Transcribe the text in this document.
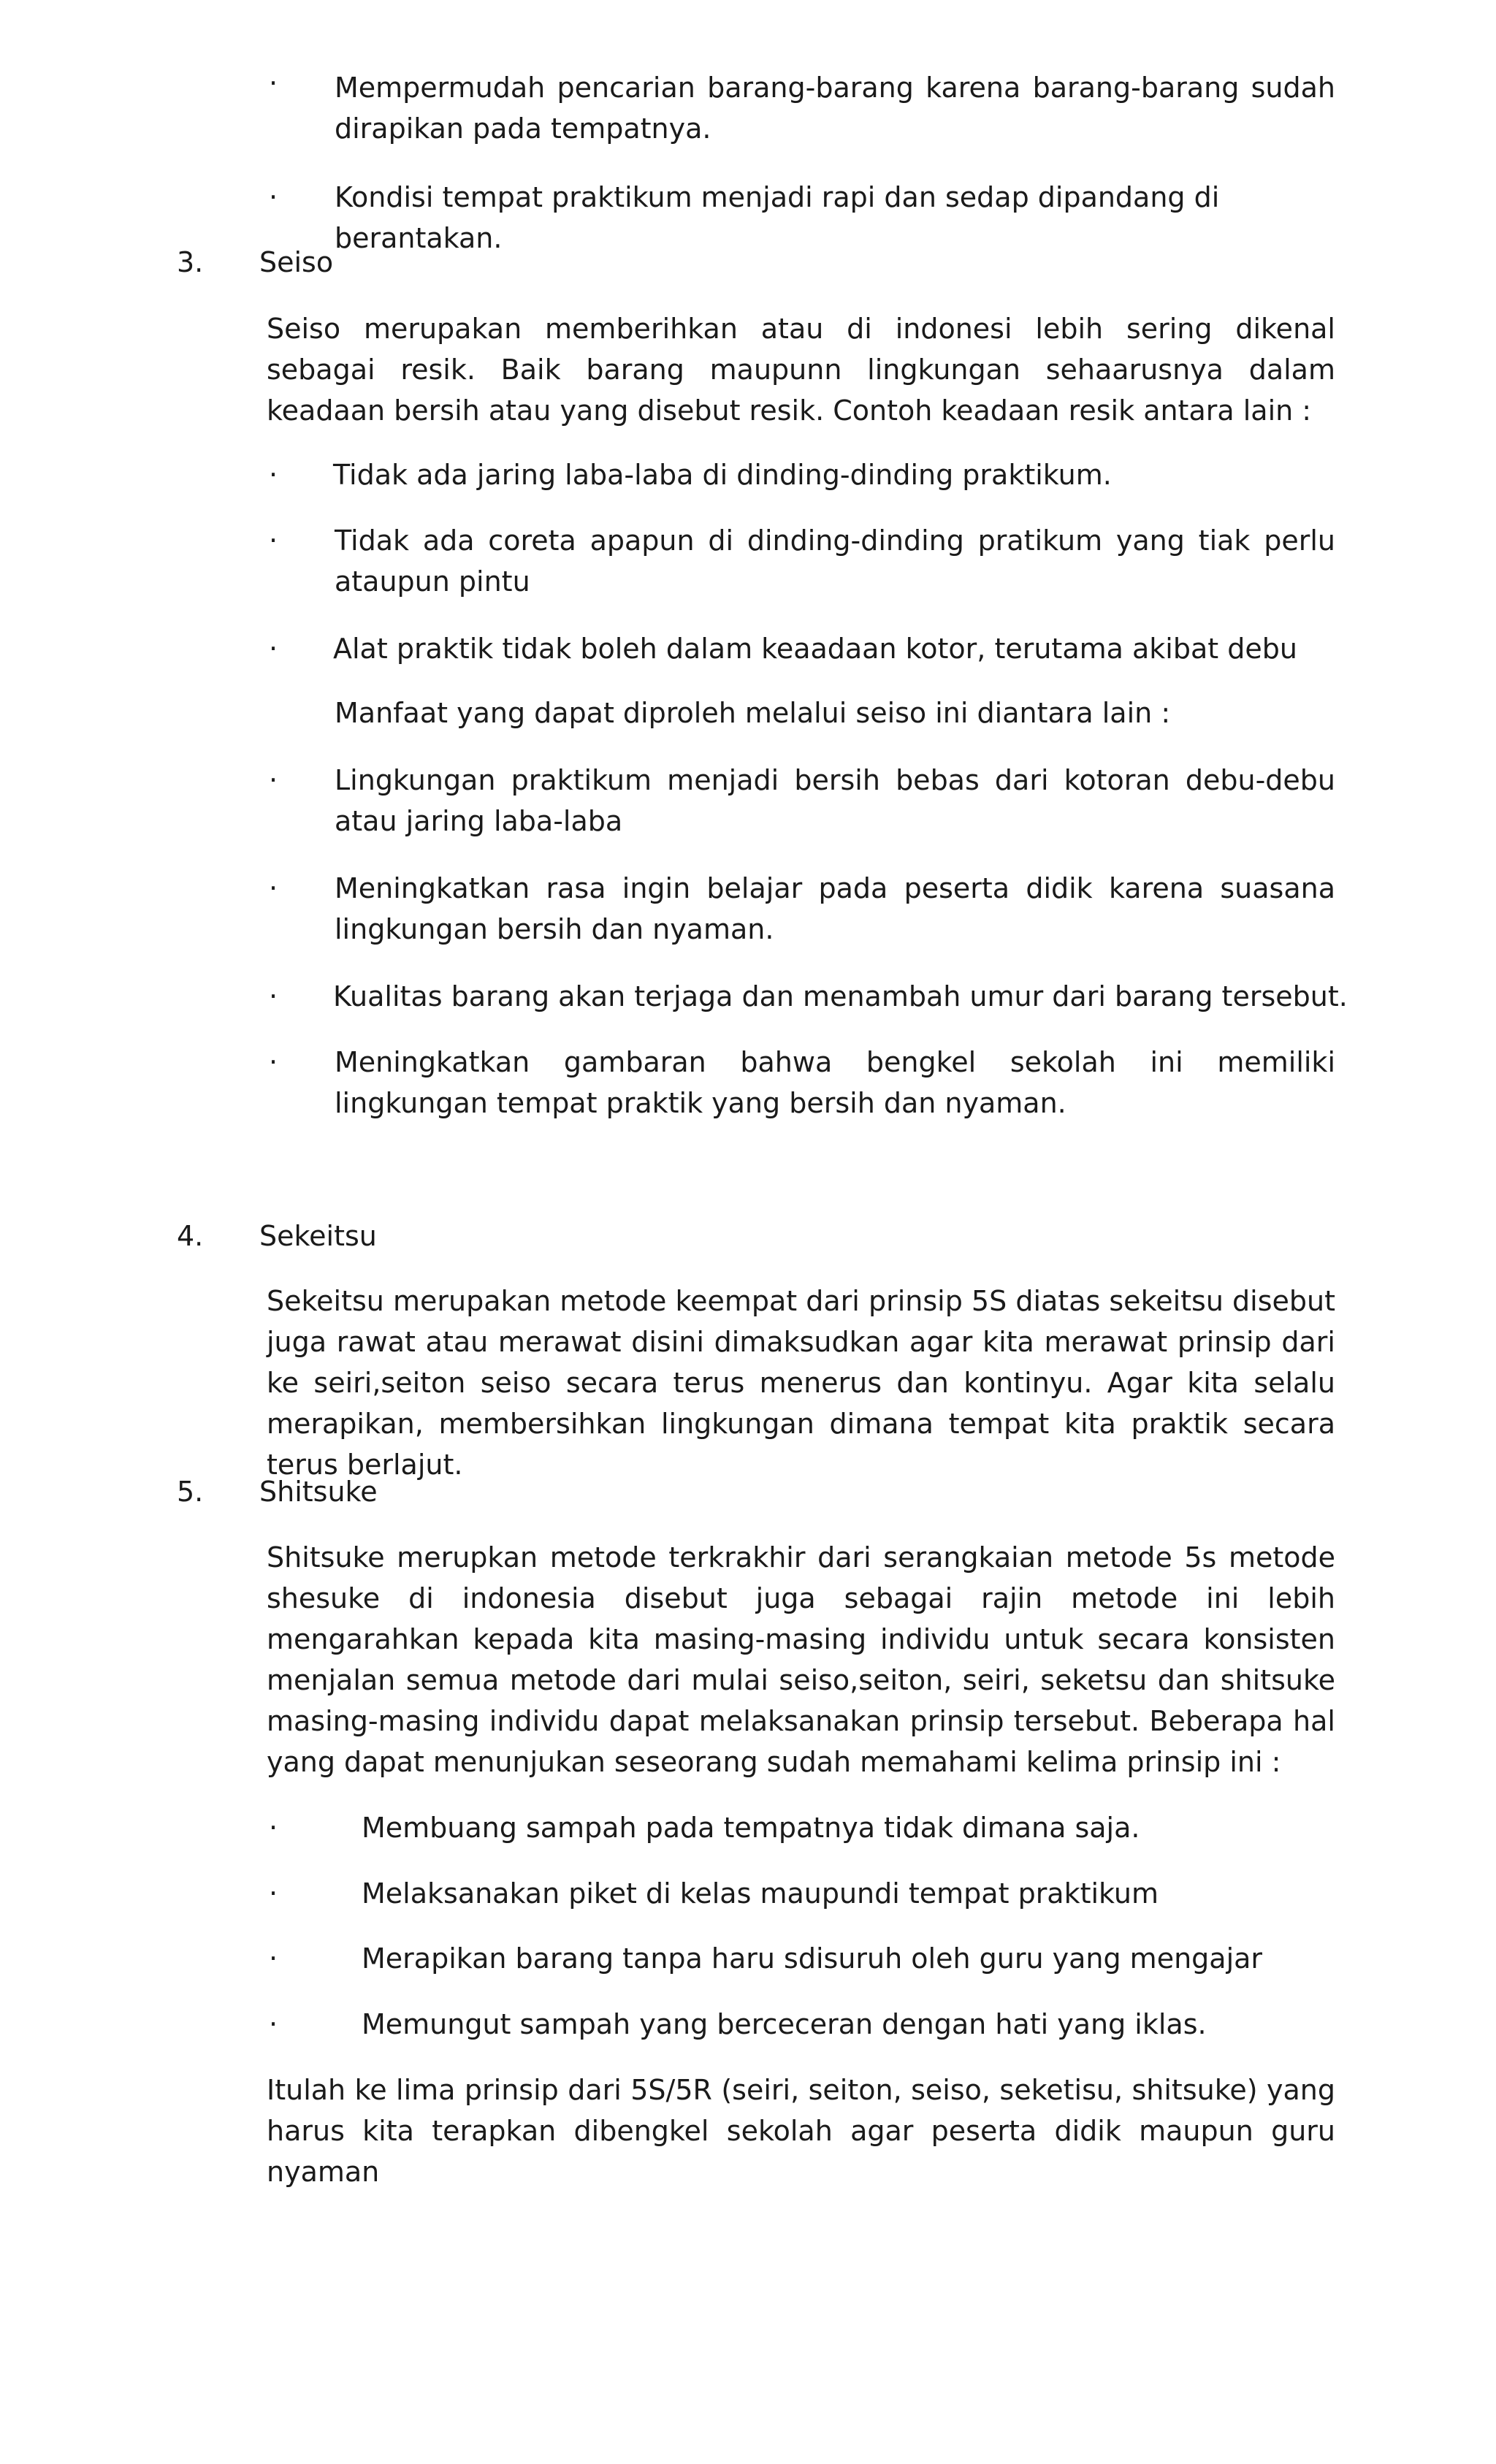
· Mempermudah pencarian barang-barang karena barang-barang sudah dirapikan pada tempatnya.

· Kondisi tempat praktikum menjadi rapi dan sedap dipandang di berantakan.

3. Seiso

Seiso merupakan memberihkan atau di indonesi lebih sering dikenal sebagai resik. Baik barang maupunn lingkungan sehaarusnya dalam keadaan bersih atau yang disebut resik. Contoh keadaan resik antara lain :

· Tidak ada jaring laba-laba di dinding-dinding praktikum.

· Tidak ada coreta apapun di dinding-dinding pratikum yang tiak perlu ataupun pintu

· Alat praktik tidak boleh dalam keaadaan kotor, terutama akibat debu

Manfaat yang dapat diproleh melalui seiso ini diantara lain :

· Lingkungan praktikum menjadi bersih bebas dari kotoran debu-debu atau jaring laba-laba

· Meningkatkan rasa ingin belajar pada peserta didik karena suasana lingkungan bersih dan nyaman.

· Kualitas barang akan terjaga dan menambah umur dari barang tersebut.

· Meningkatkan gambaran bahwa bengkel sekolah ini memiliki lingkungan tempat praktik yang bersih dan nyaman.

4. Sekeitsu

Sekeitsu merupakan metode keempat dari prinsip 5S diatas sekeitsu disebut juga rawat atau merawat disini dimaksudkan agar kita merawat prinsip dari ke seiri,seiton seiso secara terus menerus dan kontinyu. Agar kita selalu merapikan, membersihkan lingkungan dimana tempat kita praktik secara terus berlajut.

5. Shitsuke

Shitsuke merupkan metode terkrakhir dari serangkaian metode 5s metode shesuke di indonesia disebut juga sebagai rajin metode ini lebih mengarahkan kepada kita masing-masing individu untuk secara konsisten menjalan semua metode dari mulai seiso,seiton, seiri, seketsu dan shitsuke masing-masing individu dapat melaksanakan prinsip tersebut. Beberapa hal yang dapat menunjukan seseorang sudah memahami kelima prinsip ini :

·	Membuang sampah pada tempatnya tidak dimana saja.

·	Melaksanakan piket di kelas maupundi tempat praktikum

·	Merapikan barang tanpa haru sdisuruh oleh guru yang mengajar

·	Memungut sampah yang berceceran dengan hati yang iklas.

Itulah ke lima prinsip dari 5S/5R (seiri, seiton, seiso, seketisu, shitsuke) yang harus kita terapkan dibengkel sekolah agar peserta didik maupun guru nyaman
